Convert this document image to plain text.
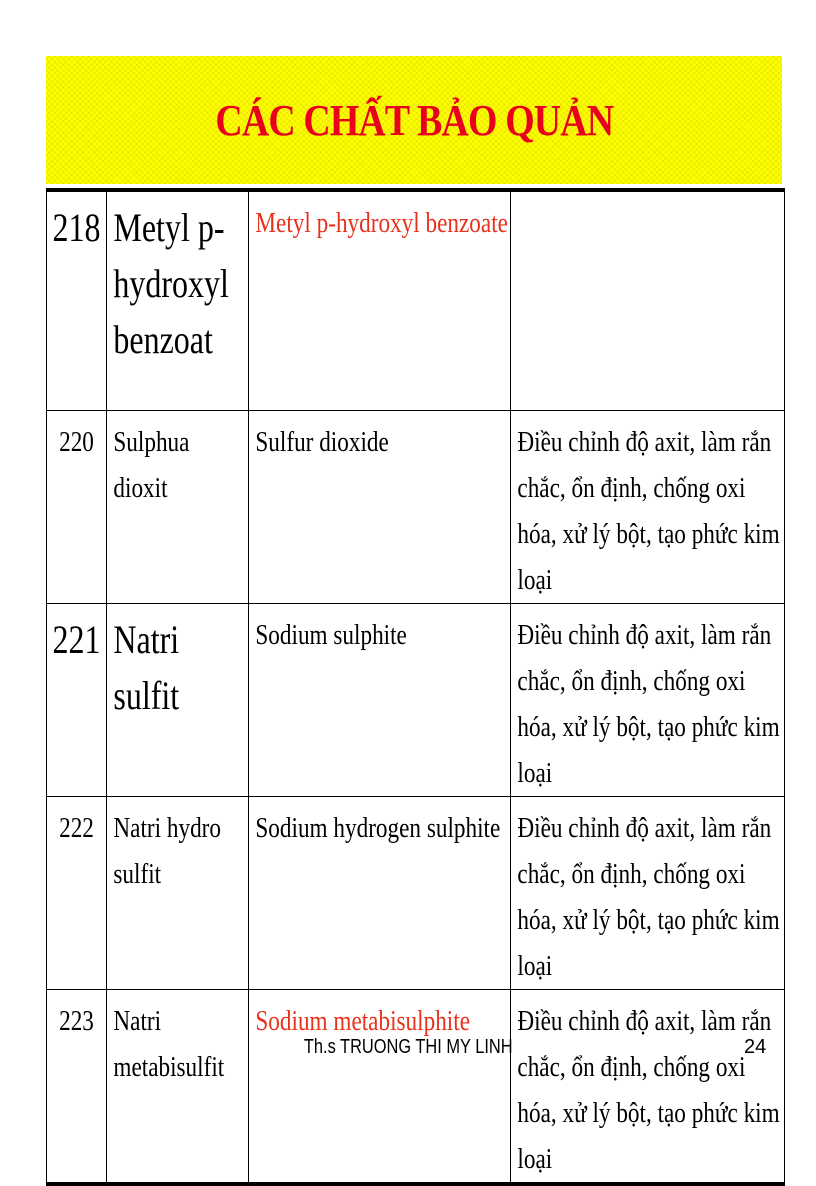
CÁC CHẤT BẢO QUẢN
218	Metyl p-hydroxyl benzoat	Metyl p-hydroxyl benzoate	

220	Sulphua dioxit	Sulfur dioxide	Điều chỉnh độ axit, làm rắn chắc, ổn định, chống oxi hóa, xử lý bột, tạo phức kim loại

221	Natri sulfit	Sodium sulphite	Điều chỉnh độ axit, làm rắn chắc, ổn định, chống oxi hóa, xử lý bột, tạo phức kim loại

222	Natri hydro sulfit	Sodium hydrogen sulphite	Điều chỉnh độ axit, làm rắn chắc, ổn định, chống oxi hóa, xử lý bột, tạo phức kim loại

223	Natri metabisulfit	Sodium metabisulphite	Điều chỉnh độ axit, làm rắn chắc, ổn định, chống oxi hóa, xử lý bột, tạo phức kim loại
Th.s TRUONG THI MY LINH	24
